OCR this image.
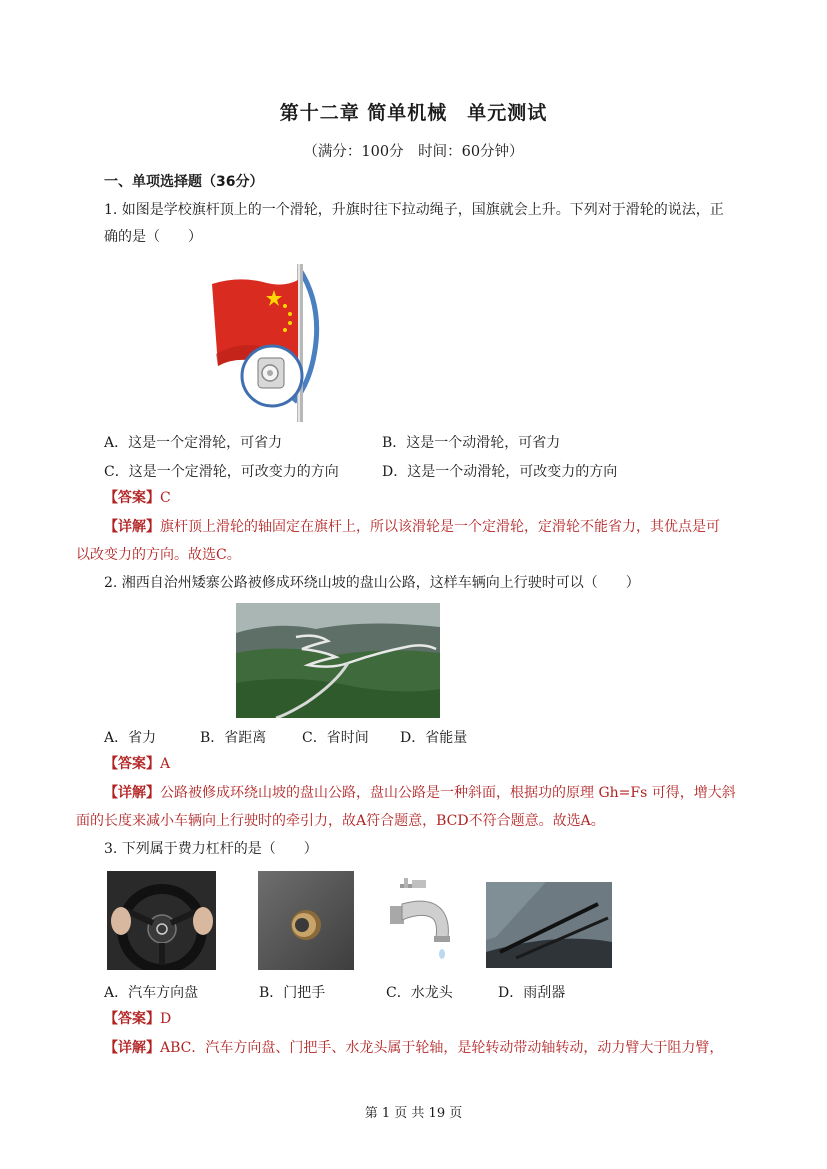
第十二章 简单机械　单元测试
（满分：100分　时间：60分钟）
一、单项选择题（36分）
1. 如图是学校旗杆顶上的一个滑轮，升旗时往下拉动绳子，国旗就会上升。下列对于滑轮的说法，正
确的是（　　）
A．这是一个定滑轮，可省力	B．这是一个动滑轮，可省力
C．这是一个定滑轮，可改变力的方向	D．这是一个动滑轮，可改变力的方向
【答案】C
【详解】旗杆顶上滑轮的轴固定在旗杆上，所以该滑轮是一个定滑轮，定滑轮不能省力，其优点是可
以改变力的方向。故选C。
2. 湘西自治州矮寨公路被修成环绕山坡的盘山公路，这样车辆向上行驶时可以（　　）
A．省力	B．省距离	C．省时间 D．省能量
【答案】A
【详解】公路被修成环绕山坡的盘山公路，盘山公路是一种斜面，根据功的原理 Gh=Fs 可得，增大斜
面的长度来减小车辆向上行驶时的牵引力，故A符合题意，BCD不符合题意。故选A。
3. 下列属于费力杠杆的是（　　）
A．汽车方向盘	B．门把手	C．水龙头	D．雨刮器
【答案】D
【详解】ABC．汽车方向盘、门把手、水龙头属于轮轴，是轮转动带动轴转动，动力臂大于阻力臂，
第 1 页 共 19 页
